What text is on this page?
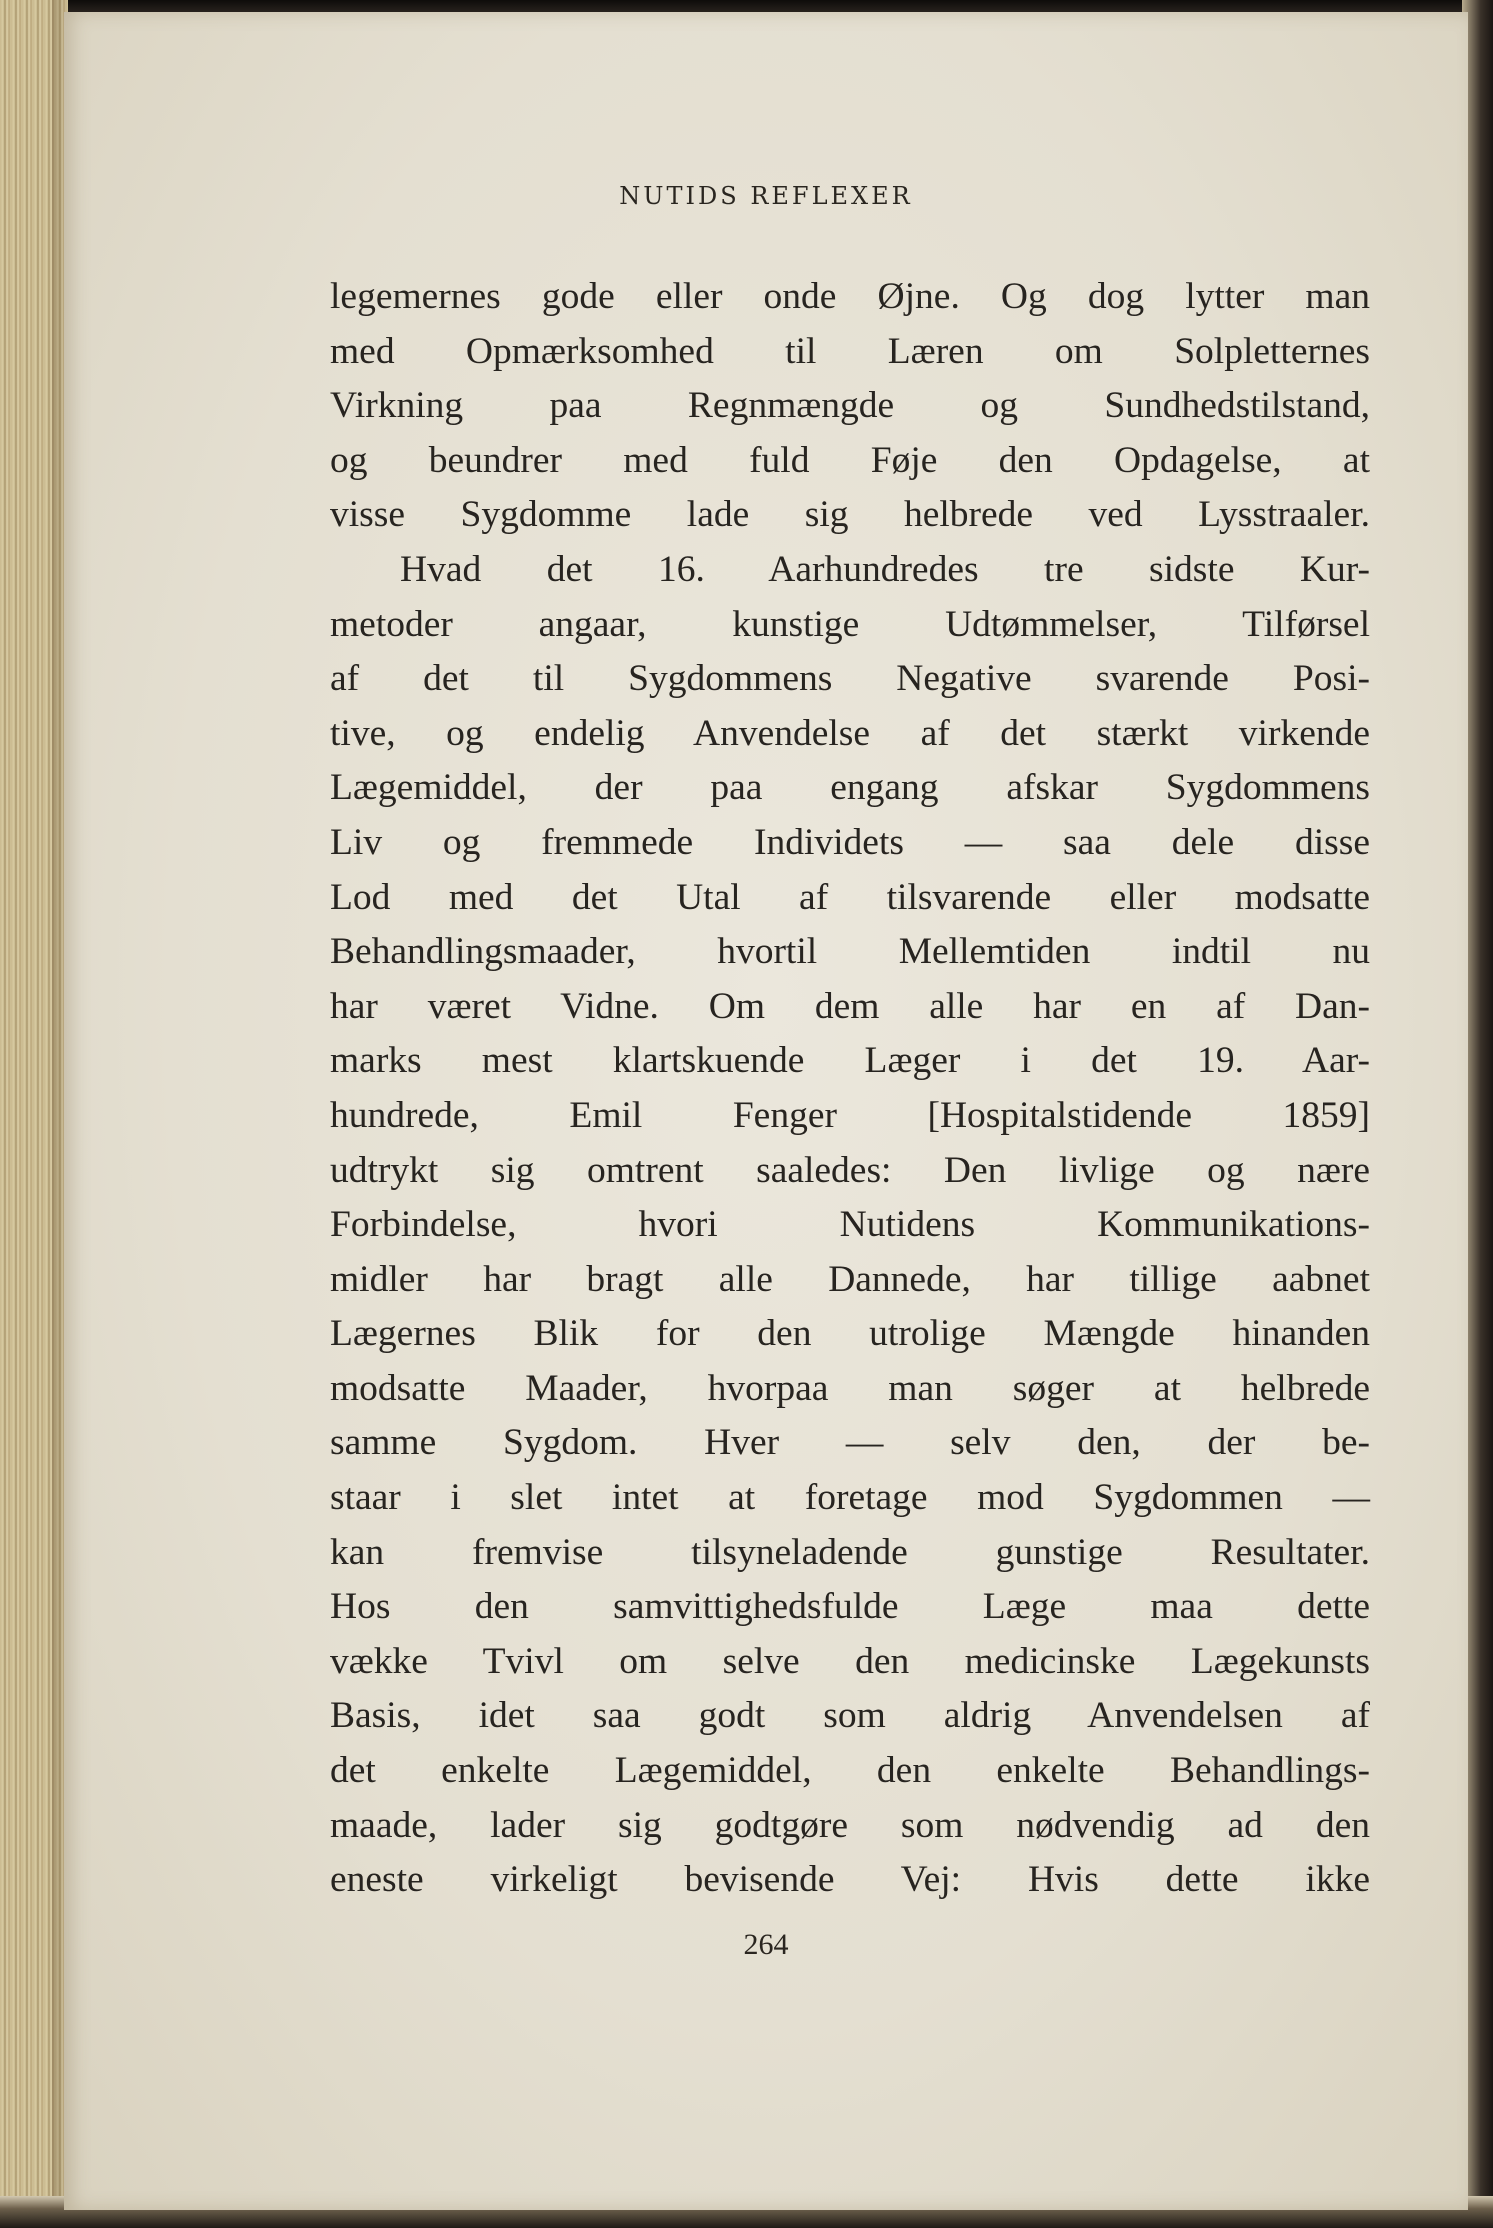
NUTIDS REFLEXER
legemernes gode eller onde Øjne. Og dog lytter man
med Opmærksomhed til Læren om Solpletternes
Virkning paa Regnmængde og Sundhedstilstand,
og beundrer med fuld Føje den Opdagelse, at
visse Sygdomme lade sig helbrede ved Lysstraaler.
Hvad det 16. Aarhundredes tre sidste Kur-
metoder angaar, kunstige Udtømmelser, Tilførsel
af det til Sygdommens Negative svarende Posi-
tive, og endelig Anvendelse af det stærkt virkende
Lægemiddel, der paa engang afskar Sygdommens
Liv og fremmede Individets — saa dele disse
Lod med det Utal af tilsvarende eller modsatte
Behandlingsmaader, hvortil Mellemtiden indtil nu
har været Vidne. Om dem alle har en af Dan-
marks mest klartskuende Læger i det 19. Aar-
hundrede, Emil Fenger [Hospitalstidende 1859]
udtrykt sig omtrent saaledes: Den livlige og nære
Forbindelse, hvori Nutidens Kommunikations-
midler har bragt alle Dannede, har tillige aabnet
Lægernes Blik for den utrolige Mængde hinanden
modsatte Maader, hvorpaa man søger at helbrede
samme Sygdom. Hver — selv den, der be-
staar i slet intet at foretage mod Sygdommen —
kan fremvise tilsyneladende gunstige Resultater.
Hos den samvittighedsfulde Læge maa dette
vække Tvivl om selve den medicinske Lægekunsts
Basis, idet saa godt som aldrig Anvendelsen af
det enkelte Lægemiddel, den enkelte Behandlings-
maade, lader sig godtgøre som nødvendig ad den
eneste virkeligt bevisende Vej: Hvis dette ikke
264
